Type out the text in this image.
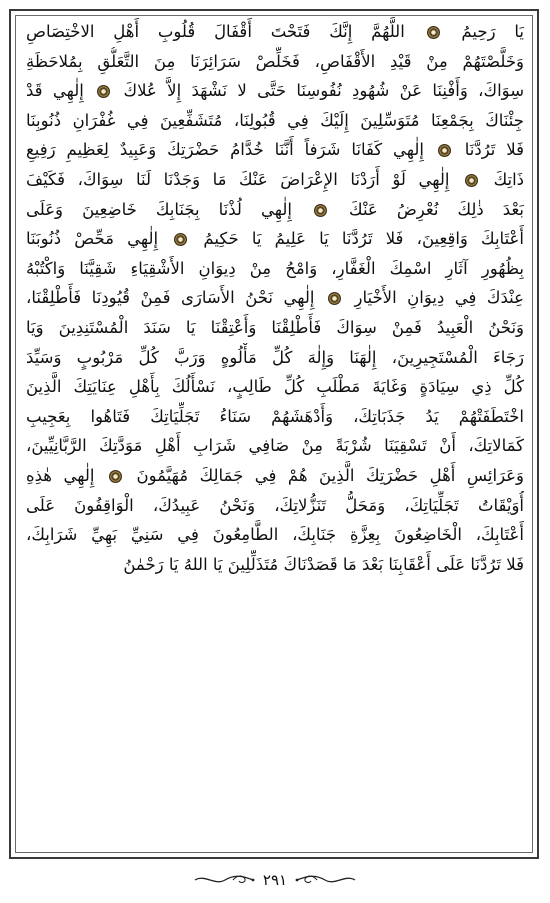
يَا رَحِيمُ  اللَّهُمَّ إِنَّكَ فَتَحْتَ أَقْفَالَ قُلُوبِ أَهْلِ الاخْتِصَاصِ
وَخَلَّصْتَهُمْ مِنْ قَيْدِ الأَقْفَاصِ، فَخَلِّصْ سَرَائِرَنَا مِنَ التَّعَلُّقِ بِمُلاحَظَةِ
سِوَاكَ، وَأَفْنِنَا عَنْ شُهُودِ نُفُوسِنَا حَتَّى لا نَشْهَدَ إِلاَّ عُلاكَ  إِلٰهِي قَدْ
جِئْنَاكَ بِجَمْعِنَا مُتَوَسِّلِينَ إِلَيْكَ فِي قُبُولِنَا، مُتَشَفِّعِينَ فِي غُفْرَانِ ذُنُوبِنَا
فَلا تَرُدَّنَا  إِلٰهِي كَفَانَا شَرَفاً أَنَّنَا خُدَّامُ حَضْرَتِكَ وَعَبِيدٌ لِعَظِيمِ رَفِيعِ
ذَاتِكَ  إِلٰهِي لَوْ أَرَدْنَا الإِعْرَاضَ عَنْكَ مَا وَجَدْنَا لَنَا سِوَاكَ، فَكَيْفَ
بَعْدَ ذٰلِكَ نُعْرِضُ عَنْكَ  إِلٰهِي لُذْنَا بِجَنَابِكَ خَاضِعِينَ وَعَلَى
أَعْتَابِكَ وَاقِعِينَ، فَلا تَرُدَّنَا يَا عَلِيمُ يَا حَكِيمُ  إِلٰهِي مَحِّصْ ذُنُوبَنَا
بِظُهُورِ آثَارِ اسْمِكَ الْغَفَّارِ، وَامْحُ مِنْ دِيوَانِ الأَشْقِيَاءِ شَقِيَّنَا وَاكْتُبْهُ
عِنْدَكَ فِي دِيوَانِ الأَخْيَارِ  إِلٰهِي نَحْنُ الأَسَارَى فَمِنْ قُيُودِنَا فَأَطْلِقْنَا،
وَنَحْنُ الْعَبِيدُ فَمِنْ سِوَاكَ فَأَطْلِقْنَا وَأَعْتِقْنَا يَا سَنَدَ الْمُسْتَنِدِينَ وَيَا
رَجَاءَ الْمُسْتَجِيرِينَ، إِلٰهَنَا وَإِلٰهَ كُلِّ مَأْلُوهٍ وَرَبَّ كُلِّ مَرْبُوبٍ وَسَيِّدَ
كُلِّ ذِي سِيَادَةٍ وَغَايَةَ مَطْلَبِ كُلِّ طَالِبٍ، نَسْأَلُكَ بِأَهْلِ عِنَايَتِكَ الَّذِينَ
اخْتَطَفَتْهُمْ يَدُ جَذَبَاتِكَ، وَأَدْهَشَهُمْ سَنَاءُ تَجَلِّيَاتِكَ فَتَاهُوا بِعَجِيبِ
كَمَالاتِكَ، أَنْ تَسْقِيَنَا شُرْبَةً مِنْ صَافِي شَرَابِ أَهْلِ مَوَدَّتِكَ الرَّبَّانِيِّينَ،
وَعَرَائِسِ أَهْلِ حَضْرَتِكَ الَّذِينَ هُمْ فِي جَمَالِكَ مُهَيَّمُونَ  إِلٰهِي هٰذِهِ
أُوَيْقَاتُ تَجَلِّيَاتِكَ، وَمَحَلُّ تَنَزُّلاتِكَ، وَنَحْنُ عَبِيدُكَ، الْوَاقِفُونَ عَلَى
أَعْتَابِكَ، الْخَاضِعُونَ بِعِزَّةِ جَنَابِكَ، الطَّامِعُونَ فِي سَنِيِّ بَهِيِّ شَرَابِكَ،
فَلا تَرُدَّنَا عَلَى أَعْقَابِنَا بَعْدَ مَا قَصَدْنَاكَ مُتَذَلِّلِينَ يَا اللهُ يَا رَحْمٰنُ
٢٩١
